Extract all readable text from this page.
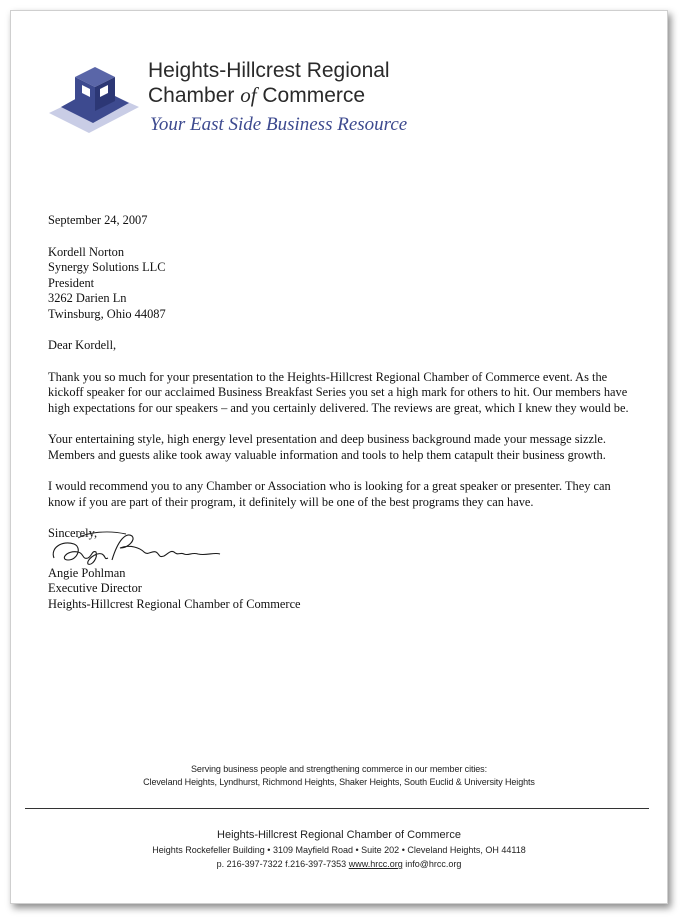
Heights-Hillcrest Regional
Chamber of Commerce
Your East Side Business Resource

September 24, 2007

Kordell Norton

Synergy Solutions LLC

President

3262 Darien Ln

Twinsburg, Ohio 44087

Dear Kordell,

Thank you so much for your presentation to the Heights-Hillcrest Regional Chamber of Commerce event. As the kickoff speaker for our acclaimed Business Breakfast Series you set a high mark for others to hit. Our members have high expectations for our speakers – and you certainly delivered. The reviews are great, which I knew they would be.

Your entertaining style, high energy level presentation and deep business background made your message sizzle. Members and guests alike took away valuable information and tools to help them catapult their business growth.

I would recommend you to any Chamber or Association who is looking for a great speaker or presenter. They can know if you are part of their program, it definitely will be one of the best programs they can have.

Sincerely,

Angie Pohlman

Executive Director

Heights-Hillcrest Regional Chamber of Commerce

Serving business people and strengthening commerce in our member cities:
Cleveland Heights, Lyndhurst, Richmond Heights, Shaker Heights, South Euclid & University Heights
Heights-Hillcrest Regional Chamber of Commerce
Heights Rockefeller Building • 3109 Mayfield Road • Suite 202 • Cleveland Heights, OH 44118
p. 216-397-7322 f.216-397-7353 www.hrcc.org info@hrcc.org
